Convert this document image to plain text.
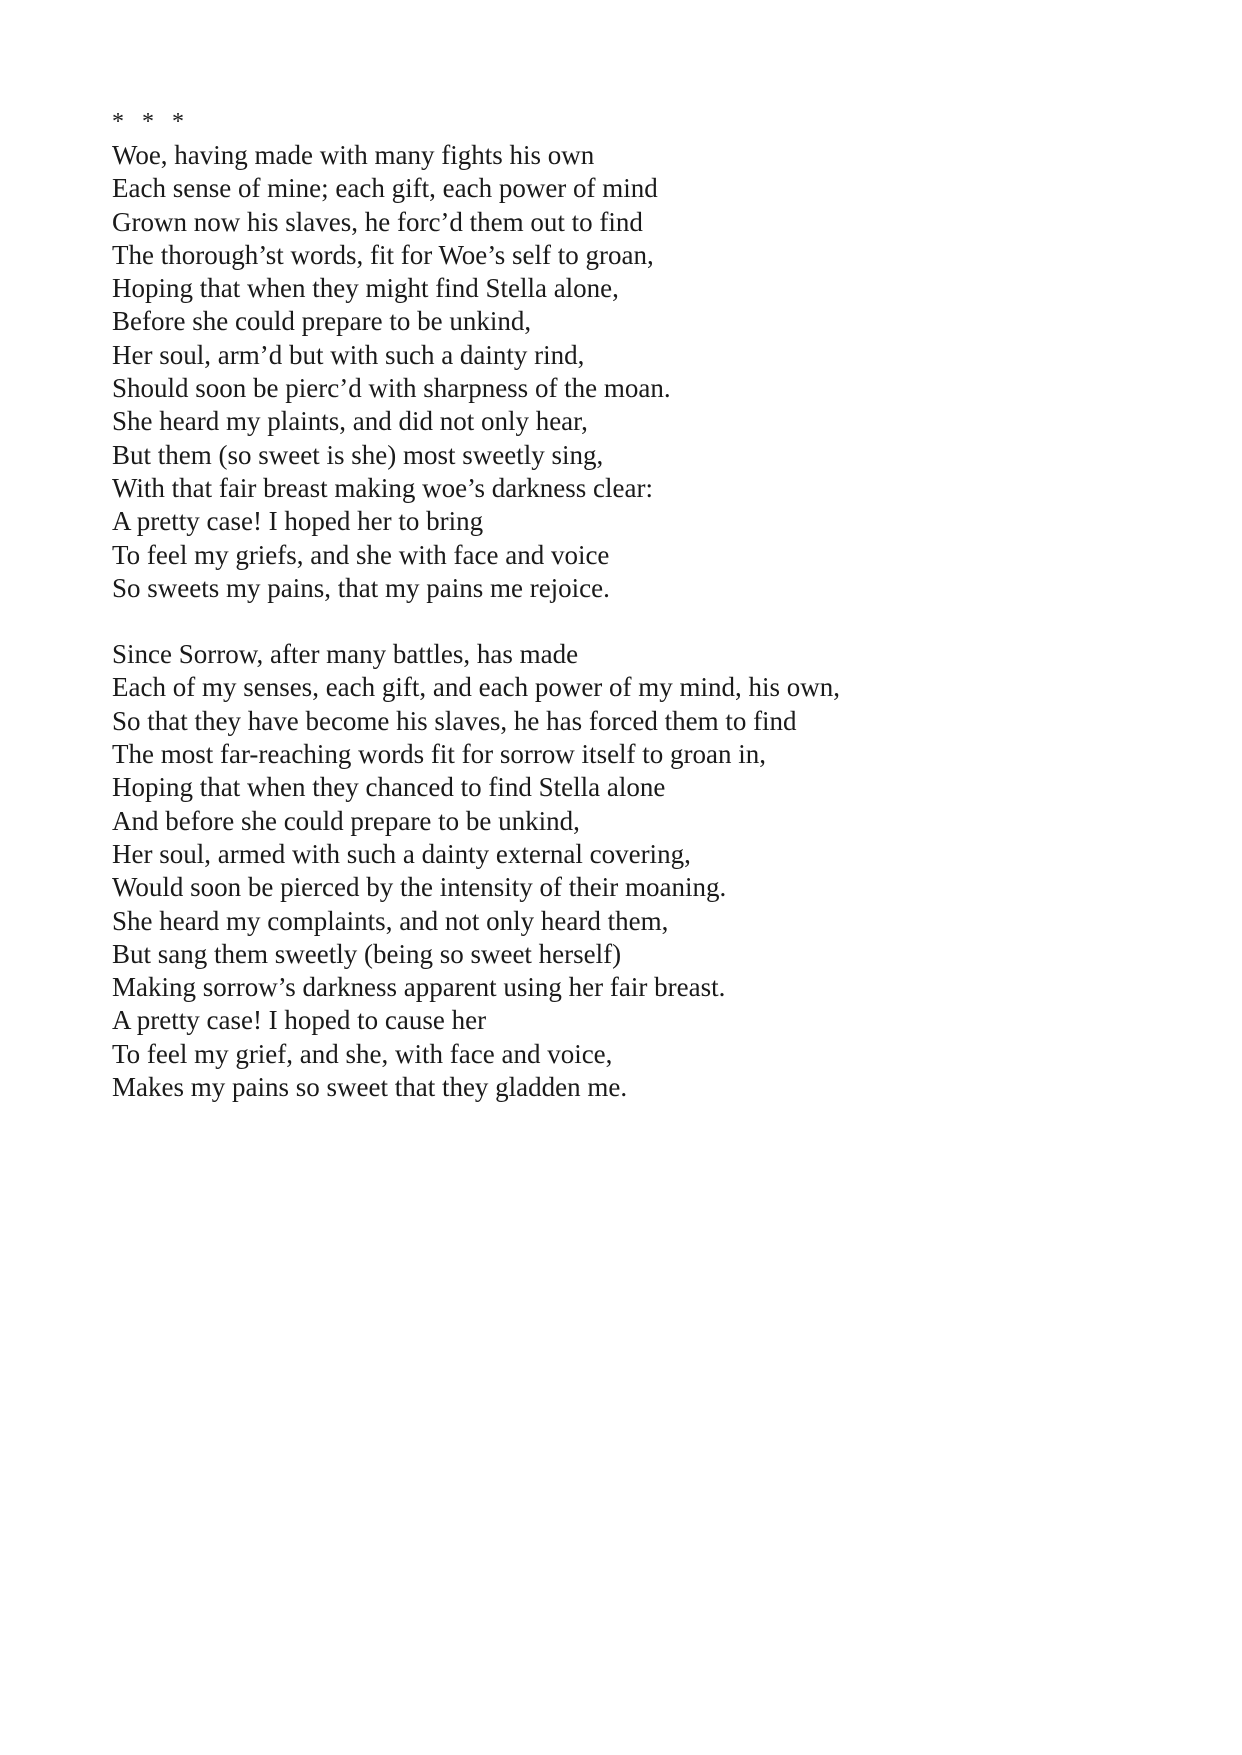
*   *   *
Woe, having made with many fights his own
Each sense of mine; each gift, each power of mind
Grown now his slaves, he forc’d them out to find
The thorough’st words, fit for Woe’s self to groan,
Hoping that when they might find Stella alone,
Before she could prepare to be unkind,
Her soul, arm’d but with such a dainty rind,
Should soon be pierc’d with sharpness of the moan.
She heard my plaints, and did not only hear,
But them (so sweet is she) most sweetly sing,
With that fair breast making woe’s darkness clear:
A pretty case! I hoped her to bring
To feel my griefs, and she with face and voice
So sweets my pains, that my pains me rejoice.
Since Sorrow, after many battles, has made
Each of my senses, each gift, and each power of my mind, his own,
So that they have become his slaves, he has forced them to find
The most far-reaching words fit for sorrow itself to groan in,
Hoping that when they chanced to find Stella alone
And before she could prepare to be unkind,
Her soul, armed with such a dainty external covering,
Would soon be pierced by the intensity of their moaning.
She heard my complaints, and not only heard them,
But sang them sweetly (being so sweet herself)
Making sorrow’s darkness apparent using her fair breast.
A pretty case! I hoped to cause her
To feel my grief, and she, with face and voice,
Makes my pains so sweet that they gladden me.
